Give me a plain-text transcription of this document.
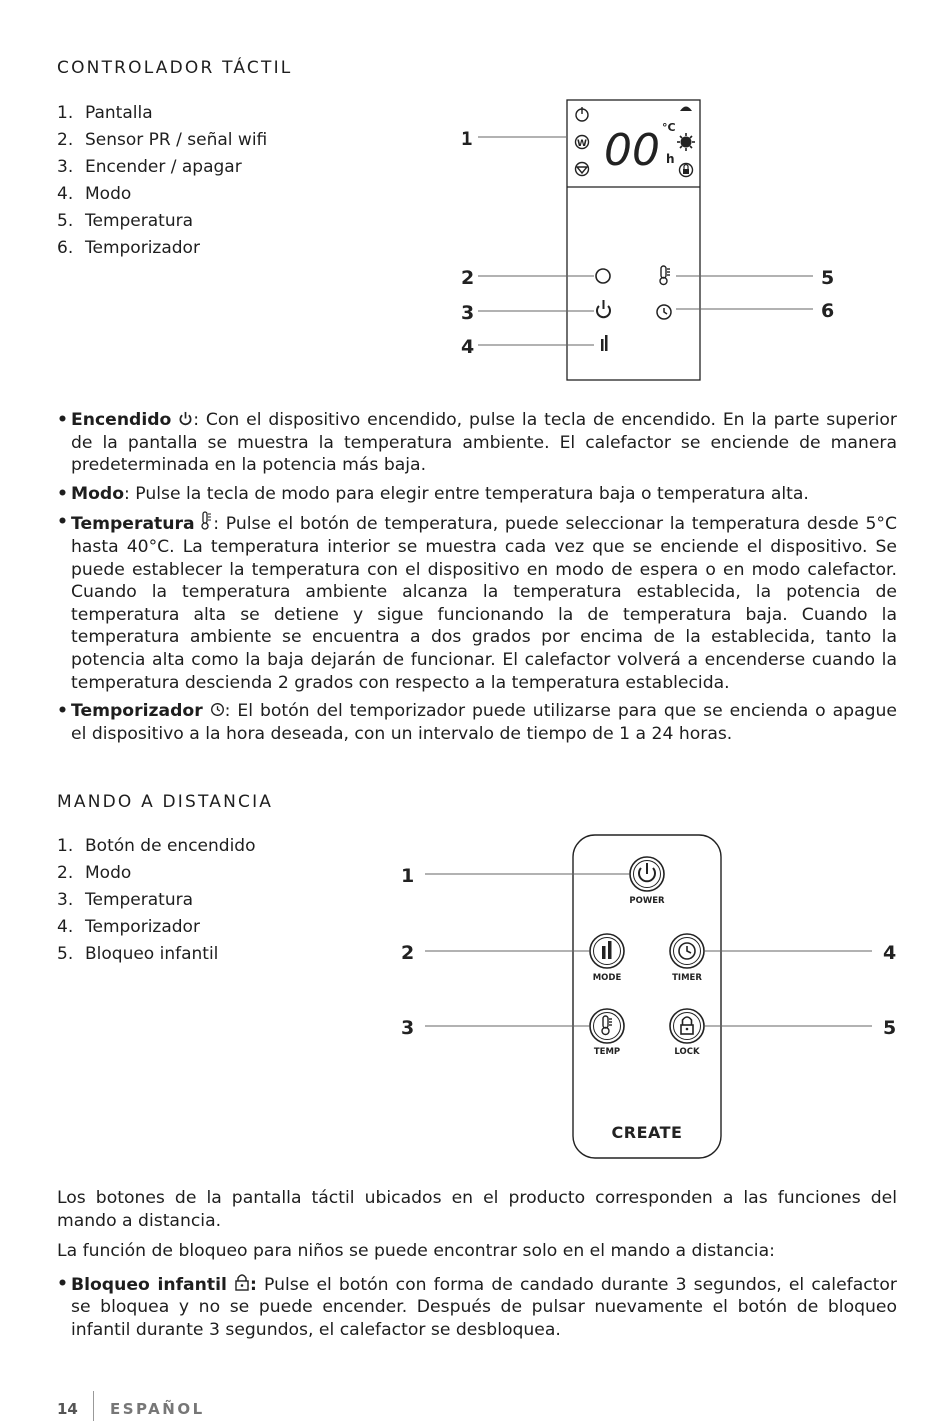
CONTROLADOR TÁCTIL
1. Pantalla
2. Sensor PR / señal wifi
3. Encender / apagar
4. Modo
5. Temperatura
6. Temporizador
W 00 °C
h
1
2
3
4
5
6
• Encendido : Con el dispositivo encendido, pulse la tecla de encendido. En la parte superior de la pantalla se muestra la temperatura ambiente. El calefactor se enciende de manera predeterminada en la potencia más baja.
• Modo: Pulse la tecla de modo para elegir entre temperatura baja o temperatura alta.
• Temperatura : Pulse el botón de temperatura, puede seleccionar la temperatura desde 5°C hasta 40°C. La temperatura interior se muestra cada vez que se enciende el dispositivo. Se puede establecer la temperatura con el dispositivo en modo de espera o en modo calefactor. Cuando la temperatura ambiente alcanza la temperatura establecida, la potencia de temperatura alta se detiene y sigue funcionando la de temperatura baja. Cuando la temperatura ambiente se encuentra a dos grados por encima de la establecida, tanto la potencia alta como la baja dejarán de funcionar. El calefactor volverá a encenderse cuando la temperatura descienda 2 grados con respecto a la temperatura establecida.
• Temporizador : El botón del temporizador puede utilizarse para que se encienda o apague el dispositivo a la hora deseada, con un intervalo de tiempo de 1 a 24 horas.
MANDO A DISTANCIA
1. Botón de encendido
2. Modo
3. Temperatura
4. Temporizador
5. Bloqueo infantil
POWER
MODE	TIMER
TEMP	LOCK
CREATE
1
2
3
4
5
Los botones de la pantalla táctil ubicados en el producto corresponden a las funciones del mando a distancia.
La función de bloqueo para niños se puede encontrar solo en el mando a distancia:
• Bloqueo infantil : Pulse el botón con forma de candado durante 3 segundos, el calefactor se bloquea y no se puede encender. Después de pulsar nuevamente el botón de bloqueo infantil durante 3 segundos, el calefactor se desbloquea.
14 ESPAÑOL
